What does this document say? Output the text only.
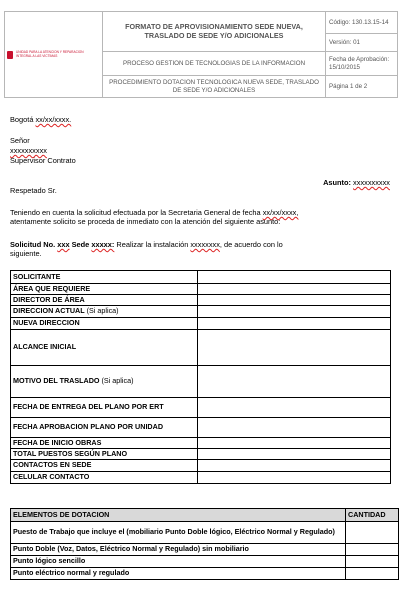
UNIDAD PARA LA ATENCION Y REPARACION INTEGRAL A LAS VICTIMAS	FORMATO DE APROVISIONAMIENTO SEDE NUEVA, TRASLADO DE SEDE Y/O ADICIONALES	Código: 130.13.15-14
		Versión: 01
	PROCESO GESTION DE TECNOLOGIAS DE LA INFORMACION	Fecha de Aprobación: 15/10/2015
	PROCEDIMIENTO DOTACION TECNOLOGICA NUEVA SEDE, TRASLADO DE SEDE Y/O ADICIONALES	Página 1 de 2
Bogotá xx/xx/xxxx.
Señor
xxxxxxxxxx
Supervisor Contrato
Asunto: xxxxxxxxxx
Respetado Sr.
Teniendo en cuenta la solicitud efectuada por la Secretaria General de fecha xx/xx/xxxx,
atentamente solicito se proceda de inmediato con la atención del siguiente asunto:
Solicitud No. xxx Sede xxxxx: Realizar la instalación xxxxxxxx, de acuerdo con lo
siguiente.
SOLICITANTE	
ÁREA QUE REQUIERE	
DIRECTOR DE ÁREA	
DIRECCION ACTUAL (Si aplica)	
NUEVA DIRECCION	
ALCANCE INICIAL	
MOTIVO DEL TRASLADO (Si aplica)	
FECHA DE ENTREGA DEL PLANO POR ERT	
FECHA APROBACION PLANO POR UNIDAD	
FECHA DE INICIO OBRAS	
TOTAL PUESTOS SEGÚN PLANO	
CONTACTOS EN SEDE	
CELULAR CONTACTO	
ELEMENTOS DE DOTACION	CANTIDAD
Puesto de Trabajo que incluye el (mobiliario Punto Doble lógico, Eléctrico Normal y Regulado)	
Punto Doble (Voz, Datos, Eléctrico Normal y Regulado) sin mobiliario	
Punto lógico sencillo	
Punto eléctrico normal y regulado	
